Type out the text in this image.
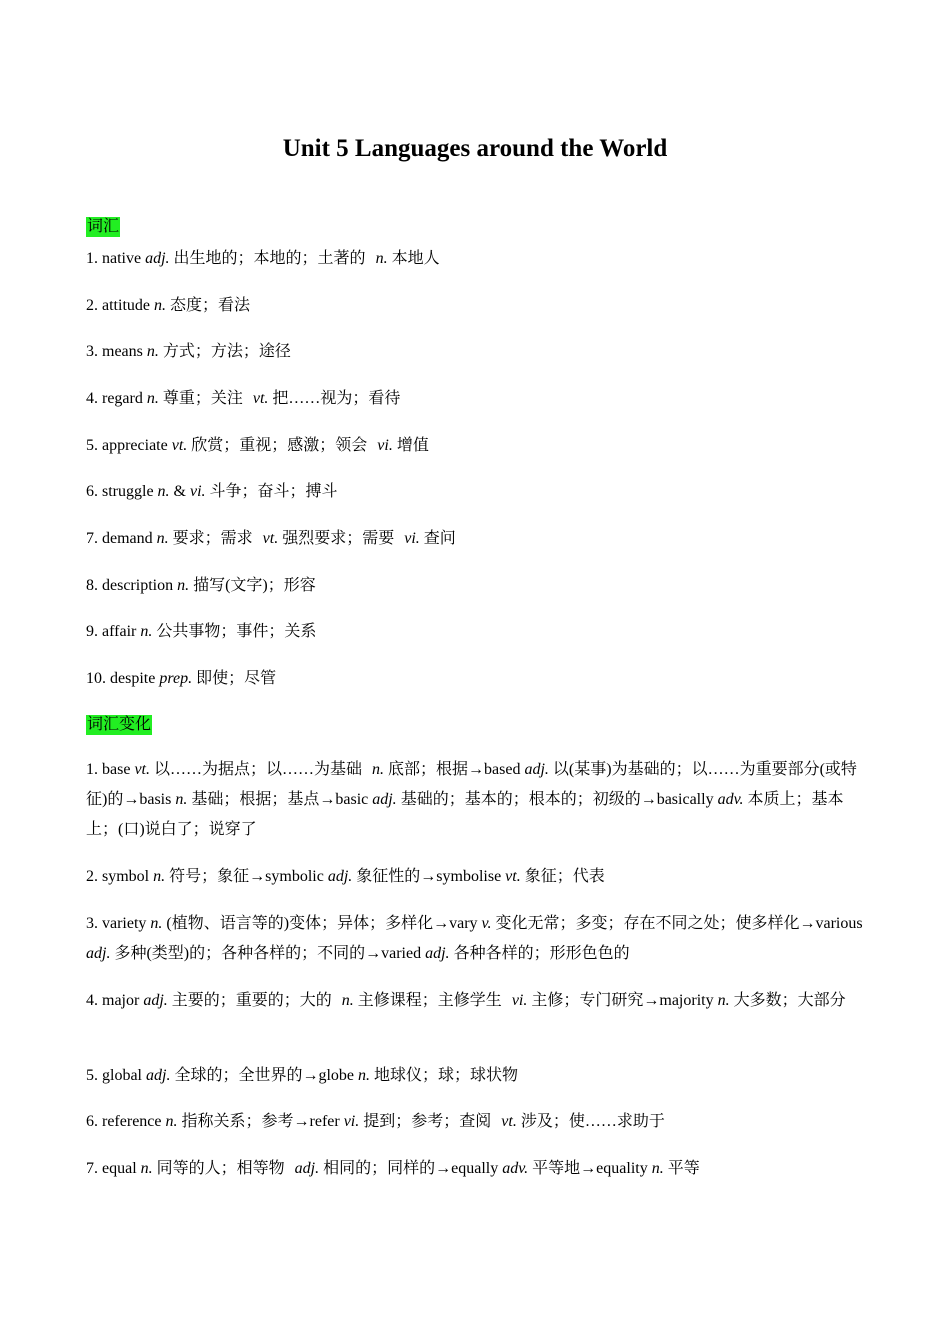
Unit 5 Languages around the World
词汇
1. native adj. 出生地的；本地的；土著的 n. 本地人
2. attitude n. 态度；看法
3. means n. 方式；方法；途径
4. regard n. 尊重；关注 vt. 把……视为；看待
5. appreciate vt. 欣赏；重视；感激；领会 vi. 增值
6. struggle n. & vi. 斗争；奋斗；搏斗
7. demand n. 要求；需求 vt. 强烈要求；需要 vi. 查问
8. description n. 描写(文字)；形容
9. affair n. 公共事物；事件；关系
10. despite prep. 即使；尽管
词汇变化
1. base vt. 以……为据点；以……为基础 n. 底部；根据→based adj. 以(某事)为基础的；以……为重要部分(或特征)的→basis n. 基础；根据；基点→basic adj. 基础的；基本的；根本的；初级的→basically adv. 本质上；基本上；(口)说白了；说穿了
2. symbol n. 符号；象征→symbolic adj. 象征性的→symbolise vt. 象征；代表
3. variety n. (植物、语言等的)变体；异体；多样化→vary v. 变化无常；多变；存在不同之处；使多样化→various adj. 多种(类型)的；各种各样的；不同的→varied adj. 各种各样的；形形色色的
4. major adj. 主要的；重要的；大的 n. 主修课程；主修学生 vi. 主修；专门研究→majority n. 大多数；大部分
5. global adj. 全球的；全世界的→globe n. 地球仪；球；球状物
6. reference n. 指称关系；参考→refer vi. 提到；参考；查阅 vt. 涉及；使……求助于
7. equal n. 同等的人；相等物 adj. 相同的；同样的→equally adv. 平等地→equality n. 平等
